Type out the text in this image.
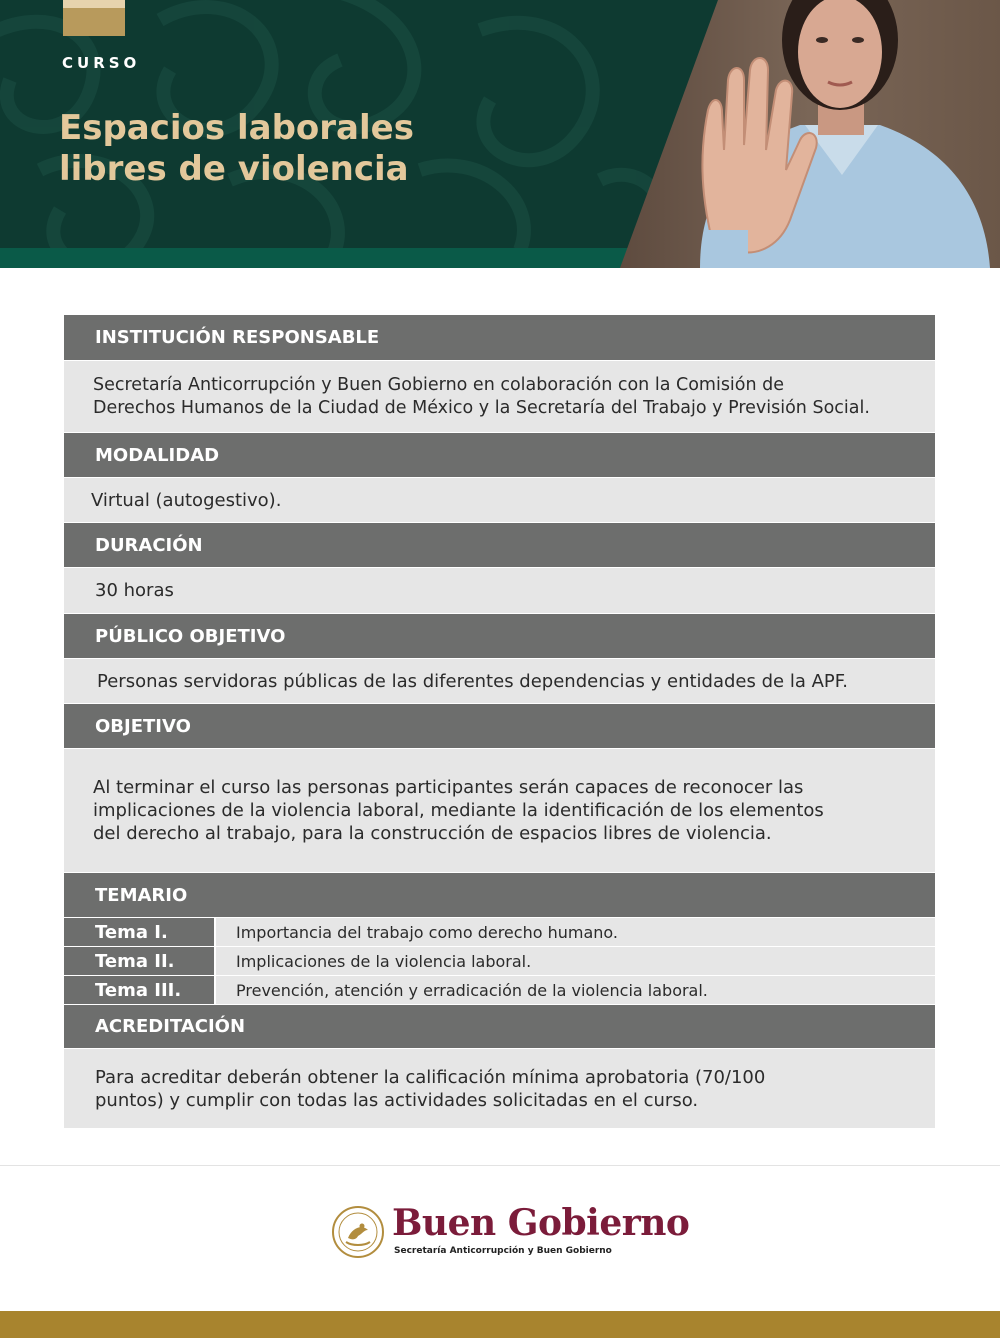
CURSO
Espacios laborales
libres de violencia
INSTITUCIÓN RESPONSABLE
Secretaría Anticorrupción y Buen Gobierno en colaboración con la Comisión de
Derechos Humanos de la Ciudad de México y la Secretaría del Trabajo y Previsión Social.
MODALIDAD
Virtual (autogestivo).
DURACIÓN
30 horas
PÚBLICO OBJETIVO
Personas servidoras públicas de las diferentes dependencias y entidades de la APF.
OBJETIVO
Al terminar el curso las personas participantes serán capaces de reconocer las
implicaciones de la violencia laboral, mediante la identificación de los elementos
del derecho al trabajo, para la construcción de espacios libres de violencia.
TEMARIO
Tema I.	Importancia del trabajo como derecho humano.
Tema II.	Implicaciones de la violencia laboral.
Tema III.	Prevención, atención y erradicación de la violencia laboral.
ACREDITACIÓN
Para acreditar deberán obtener la calificación mínima aprobatoria (70/100
puntos) y cumplir con todas las actividades solicitadas en el curso.
Buen Gobierno
Secretaría Anticorrupción y Buen Gobierno
